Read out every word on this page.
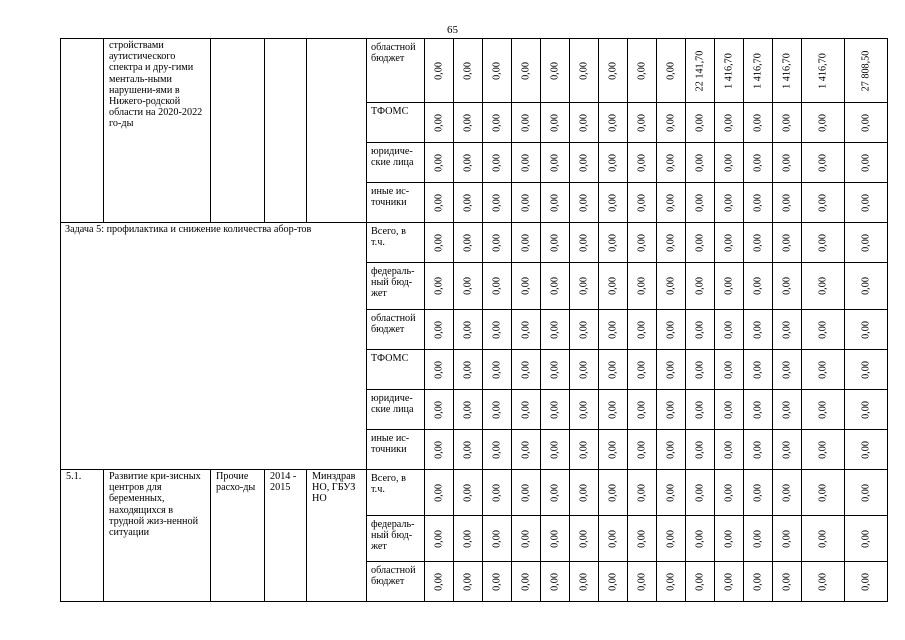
65
	стройствами аутистического спектра и дру-гими менталь-ными нарушени-ями в Нижего-родской области на 2020-2022 го-ды				областной бюджет	0,00	0,00	0,00	0,00	0,00	0,00	0,00	0,00	0,00	22 141,70	1 416,70	1 416,70	1 416,70	1 416,70	27 808,50

					ТФОМС	0,00	0,00	0,00	0,00	0,00	0,00	0,00	0,00	0,00	0,00	0,00	0,00	0,00	0,00	0,00

					юридиче-ские лица	0,00	0,00	0,00	0,00	0,00	0,00	0,00	0,00	0,00	0,00	0,00	0,00	0,00	0,00	0,00

					иные ис-точники	0,00	0,00	0,00	0,00	0,00	0,00	0,00	0,00	0,00	0,00	0,00	0,00	0,00	0,00	0,00

Задача 5: профилактика и снижение количества абор-тов					Всего, в т.ч.	0,00	0,00	0,00	0,00	0,00	0,00	0,00	0,00	0,00	0,00	0,00	0,00	0,00	0,00	0,00

					федераль-ный бюд-жет	0,00	0,00	0,00	0,00	0,00	0,00	0,00	0,00	0,00	0,00	0,00	0,00	0,00	0,00	0,00

					областной бюджет	0,00	0,00	0,00	0,00	0,00	0,00	0,00	0,00	0,00	0,00	0,00	0,00	0,00	0,00	0,00

					ТФОМС	0,00	0,00	0,00	0,00	0,00	0,00	0,00	0,00	0,00	0,00	0,00	0,00	0,00	0,00	0,00

					юридиче-ские лица	0,00	0,00	0,00	0,00	0,00	0,00	0,00	0,00	0,00	0,00	0,00	0,00	0,00	0,00	0,00

					иные ис-точники	0,00	0,00	0,00	0,00	0,00	0,00	0,00	0,00	0,00	0,00	0,00	0,00	0,00	0,00	0,00

5.1.	Развитие кри-зисных центров для беременных, находящихся в трудной жиз-ненной ситуации	Прочие расхо-ды	2014 - 2015	Минздрав НО, ГБУЗ НО	Всего, в т.ч.	0,00	0,00	0,00	0,00	0,00	0,00	0,00	0,00	0,00	0,00	0,00	0,00	0,00	0,00	0,00

					федераль-ный бюд-жет	0,00	0,00	0,00	0,00	0,00	0,00	0,00	0,00	0,00	0,00	0,00	0,00	0,00	0,00	0,00

					областной бюджет	0,00	0,00	0,00	0,00	0,00	0,00	0,00	0,00	0,00	0,00	0,00	0,00	0,00	0,00	0,00
